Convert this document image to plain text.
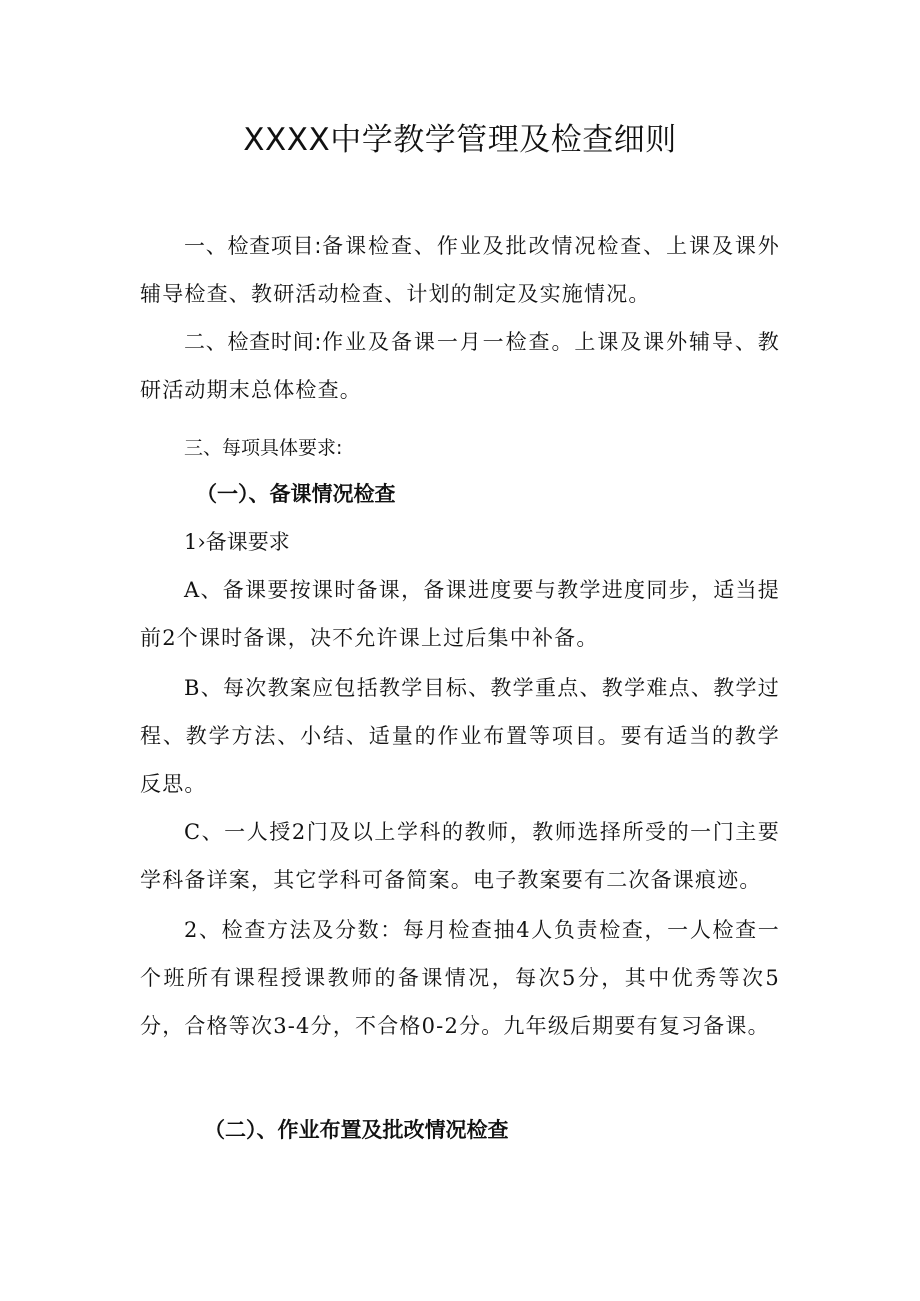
XXXX中学教学管理及检查细则
一、检查项目:备课检查、作业及批改情况检查、上课及课外辅导检查、教研活动检查、计划的制定及实施情况。
二、检查时间:作业及备课一月一检查。上课及课外辅导、教研活动期末总体检查。
三、每项具体要求:
（一）、备课情况检查
1›备课要求
A、备课要按课时备课，备课进度要与教学进度同步，适当提前2个课时备课，决不允许课上过后集中补备。
B、每次教案应包括教学目标、教学重点、教学难点、教学过程、教学方法、小结、适量的作业布置等项目。要有适当的教学反思。
C、一人授2门及以上学科的教师，教师选择所受的一门主要学科备详案，其它学科可备简案。电子教案要有二次备课痕迹。
2、检查方法及分数：每月检查抽4人负责检查，一人检查一个班所有课程授课教师的备课情况，每次5分，其中优秀等次5分，合格等次3-4分，不合格0-2分。九年级后期要有复习备课。
（二）、作业布置及批改情况检查
